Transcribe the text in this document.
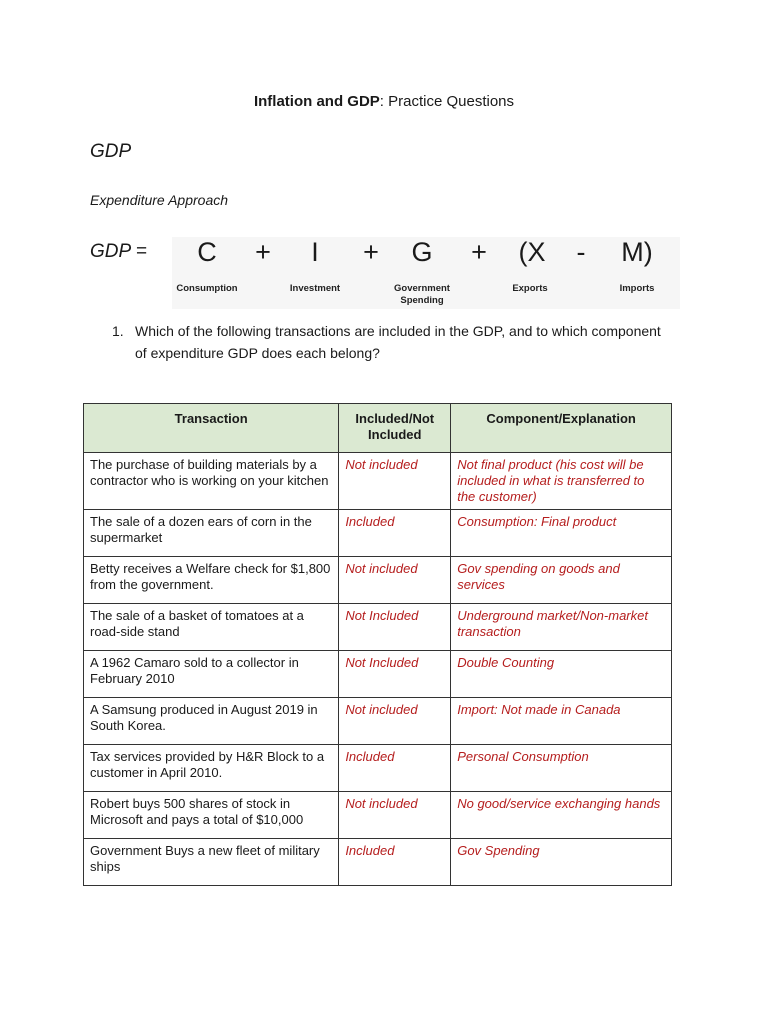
Inflation and GDP: Practice Questions
GDP
Expenditure Approach
GDP =	C	+	I	+	G	+	(X	-	M)
Consumption	Investment	Government Spending
Exports	Imports
1. Which of the following transactions are included in the GDP, and to which component of expenditure GDP does each belong?
Transaction	Included/Not Included	Component/Explanation
The purchase of building materials by a contractor who is working on your kitchen	Not included	Not final product (his cost will be included in what is transferred to the customer)
The sale of a dozen ears of corn in the supermarket	Included	Consumption: Final product
Betty receives a Welfare check for $1,800 from the government.	Not included	Gov spending on goods and services
The sale of a basket of tomatoes at a road-side stand	Not Included	Underground market/Non-market transaction
A 1962 Camaro sold to a collector in February 2010	Not Included	Double Counting
A Samsung produced in August 2019 in South Korea.	Not included	Import: Not made in Canada
Tax services provided by H&R Block to a customer in April 2010.	Included	Personal Consumption
Robert buys 500 shares of stock in Microsoft and pays a total of $10,000	Not included	No good/service exchanging hands
Government Buys a new fleet of military ships	Included	Gov Spending
